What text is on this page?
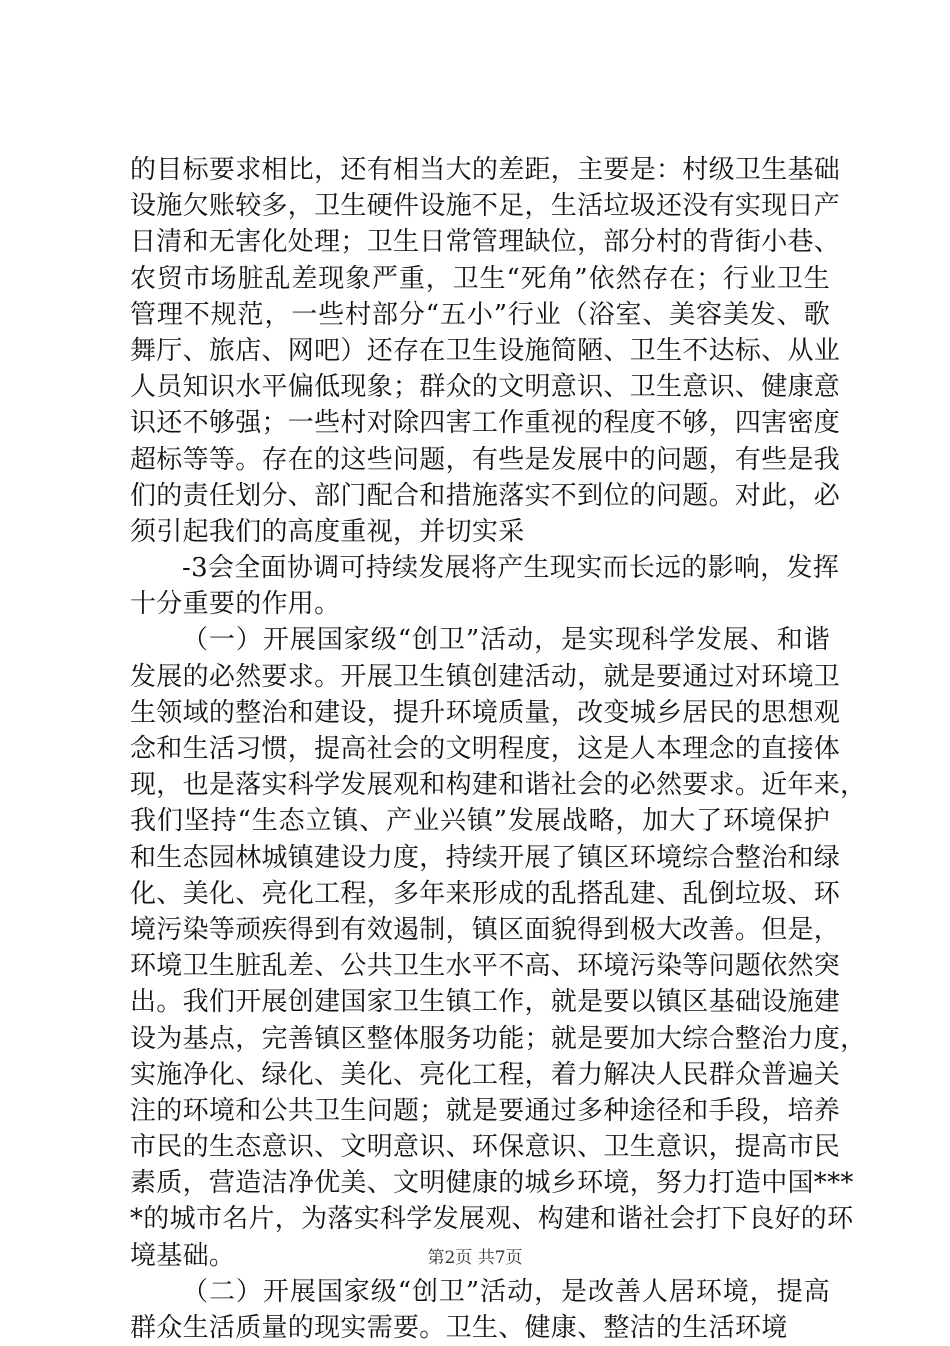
的目标要求相比，还有相当大的差距，主要是：村级卫生基础
设施欠账较多，卫生硬件设施不足，生活垃圾还没有实现日产
日清和无害化处理；卫生日常管理缺位，部分村的背街小巷、
农贸市场脏乱差现象严重，卫生“死角”依然存在；行业卫生
管理不规范，一些村部分“五小”行业（浴室、美容美发、歌
舞厅、旅店、网吧）还存在卫生设施简陋、卫生不达标、从业
人员知识水平偏低现象；群众的文明意识、卫生意识、健康意
识还不够强；一些村对除四害工作重视的程度不够，四害密度
超标等等。存在的这些问题，有些是发展中的问题，有些是我
们的责任划分、部门配合和措施落实不到位的问题。对此，必
须引起我们的高度重视，并切实采
-3会全面协调可持续发展将产生现实而长远的影响，发挥
十分重要的作用。
（一）开展国家级“创卫”活动，是实现科学发展、和谐
发展的必然要求。开展卫生镇创建活动，就是要通过对环境卫
生领域的整治和建设，提升环境质量，改变城乡居民的思想观
念和生活习惯，提高社会的文明程度，这是人本理念的直接体
现，也是落实科学发展观和构建和谐社会的必然要求。近年来，
我们坚持“生态立镇、产业兴镇”发展战略，加大了环境保护
和生态园林城镇建设力度，持续开展了镇区环境综合整治和绿
化、美化、亮化工程，多年来形成的乱搭乱建、乱倒垃圾、环
境污染等顽疾得到有效遏制，镇区面貌得到极大改善。但是，
环境卫生脏乱差、公共卫生水平不高、环境污染等问题依然突
出。我们开展创建国家卫生镇工作，就是要以镇区基础设施建
设为基点，完善镇区整体服务功能；就是要加大综合整治力度，
实施净化、绿化、美化、亮化工程，着力解决人民群众普遍关
注的环境和公共卫生问题；就是要通过多种途径和手段，培养
市民的生态意识、文明意识、环保意识、卫生意识，提高市民
素质，营造洁净优美、文明健康的城乡环境，努力打造中国***
*的城市名片，为落实科学发展观、构建和谐社会打下良好的环
境基础。
（二）开展国家级“创卫”活动，是改善人居环境，提高
群众生活质量的现实需要。卫生、健康、整洁的生活环境
第2页 共7页
